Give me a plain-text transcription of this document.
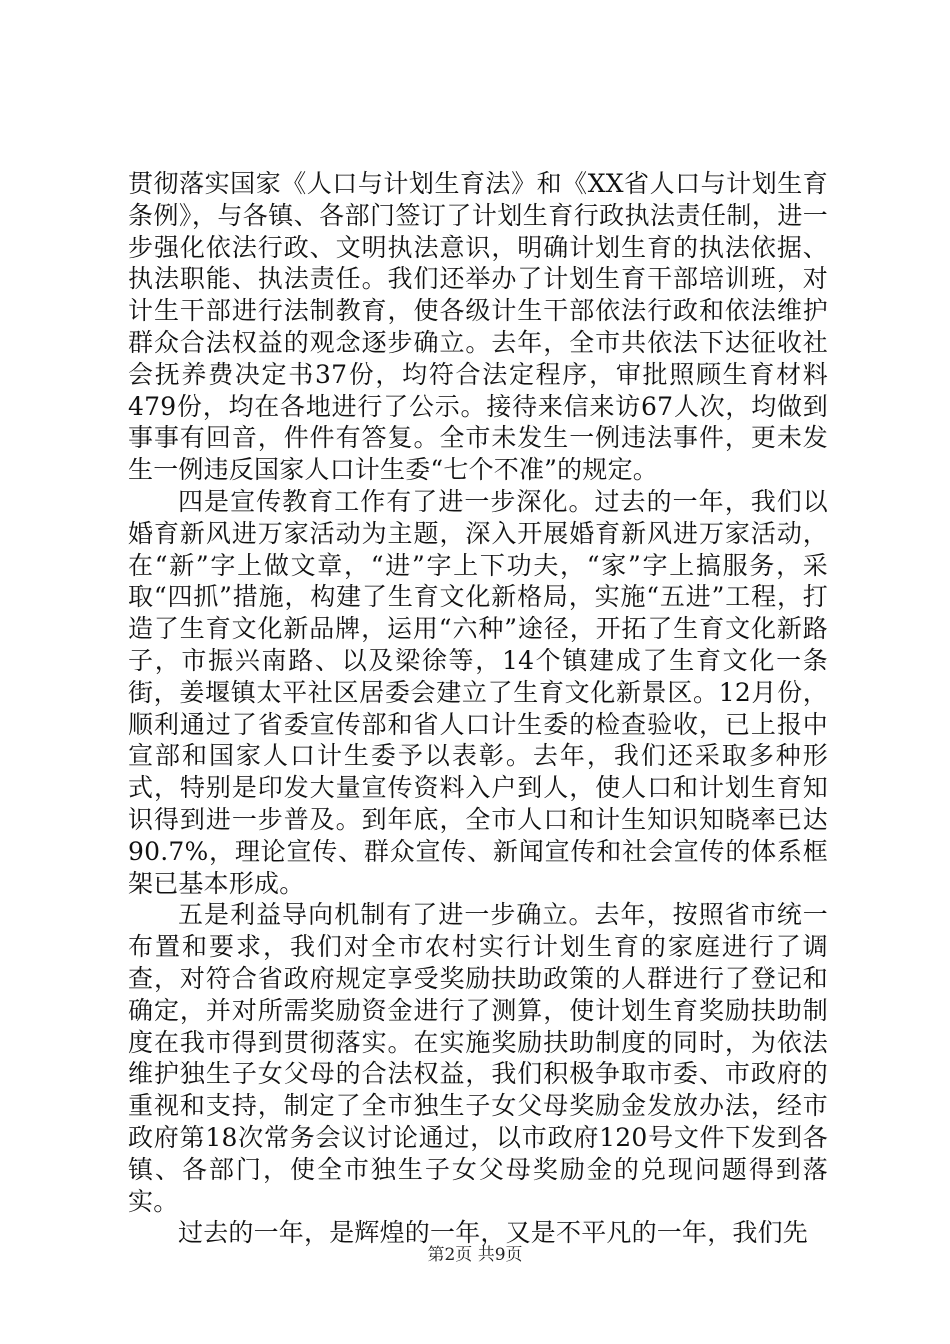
贯彻落实国家《人口与计划生育法》和《XX省人口与计划生育条例》，与各镇、各部门签订了计划生育行政执法责任制，进一步强化依法行政、文明执法意识，明确计划生育的执法依据、执法职能、执法责任。我们还举办了计划生育干部培训班，对计生干部进行法制教育，使各级计生干部依法行政和依法维护群众合法权益的观念逐步确立。去年，全市共依法下达征收社会抚养费决定书37份，均符合法定程序，审批照顾生育材料479份，均在各地进行了公示。接待来信来访67人次，均做到事事有回音，件件有答复。全市未发生一例违法事件，更未发生一例违反国家人口计生委“七个不准”的规定。

四是宣传教育工作有了进一步深化。过去的一年，我们以婚育新风进万家活动为主题，深入开展婚育新风进万家活动，在“新”字上做文章，“进”字上下功夫，“家”字上搞服务，采取“四抓”措施，构建了生育文化新格局，实施“五进”工程，打造了生育文化新品牌，运用“六种”途径，开拓了生育文化新路子，市振兴南路、以及梁徐等，14个镇建成了生育文化一条街，姜堰镇太平社区居委会建立了生育文化新景区。12月份，顺利通过了省委宣传部和省人口计生委的检查验收，已上报中宣部和国家人口计生委予以表彰。去年，我们还采取多种形式，特别是印发大量宣传资料入户到人，使人口和计划生育知识得到进一步普及。到年底，全市人口和计生知识知晓率已达90.7%，理论宣传、群众宣传、新闻宣传和社会宣传的体系框架已基本形成。

五是利益导向机制有了进一步确立。去年，按照省市统一布置和要求，我们对全市农村实行计划生育的家庭进行了调查，对符合省政府规定享受奖励扶助政策的人群进行了登记和确定，并对所需奖励资金进行了测算，使计划生育奖励扶助制度在我市得到贯彻落实。在实施奖励扶助制度的同时，为依法维护独生子女父母的合法权益，我们积极争取市委、市政府的重视和支持，制定了全市独生子女父母奖励金发放办法，经市政府第18次常务会议讨论通过，以市政府120号文件下发到各镇、各部门，使全市独生子女父母奖励金的兑现问题得到落实。

过去的一年，是辉煌的一年，又是不平凡的一年，我们先

第2页 共9页
